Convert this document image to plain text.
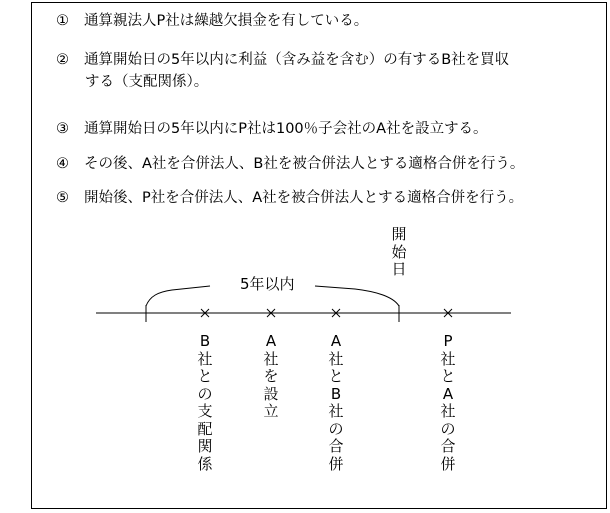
① 通算親法人P社は繰越欠損金を有している。
② 通算開始日の5年以内に利益（含み益を含む）の有するB社を買収
する（支配関係）。
③ 通算開始日の5年以内にP社は100％子会社のA社を設立する。
④ その後、A社を合併法人、B社を被合併法人とする適格合併を行う。
⑤ 開始後、P社を合併法人、A社を被合併法人とする適格合併を行う。
5年以内
開始日
B社との支配関係
A社を設立
A社とB社の合併
P社とA社の合併
